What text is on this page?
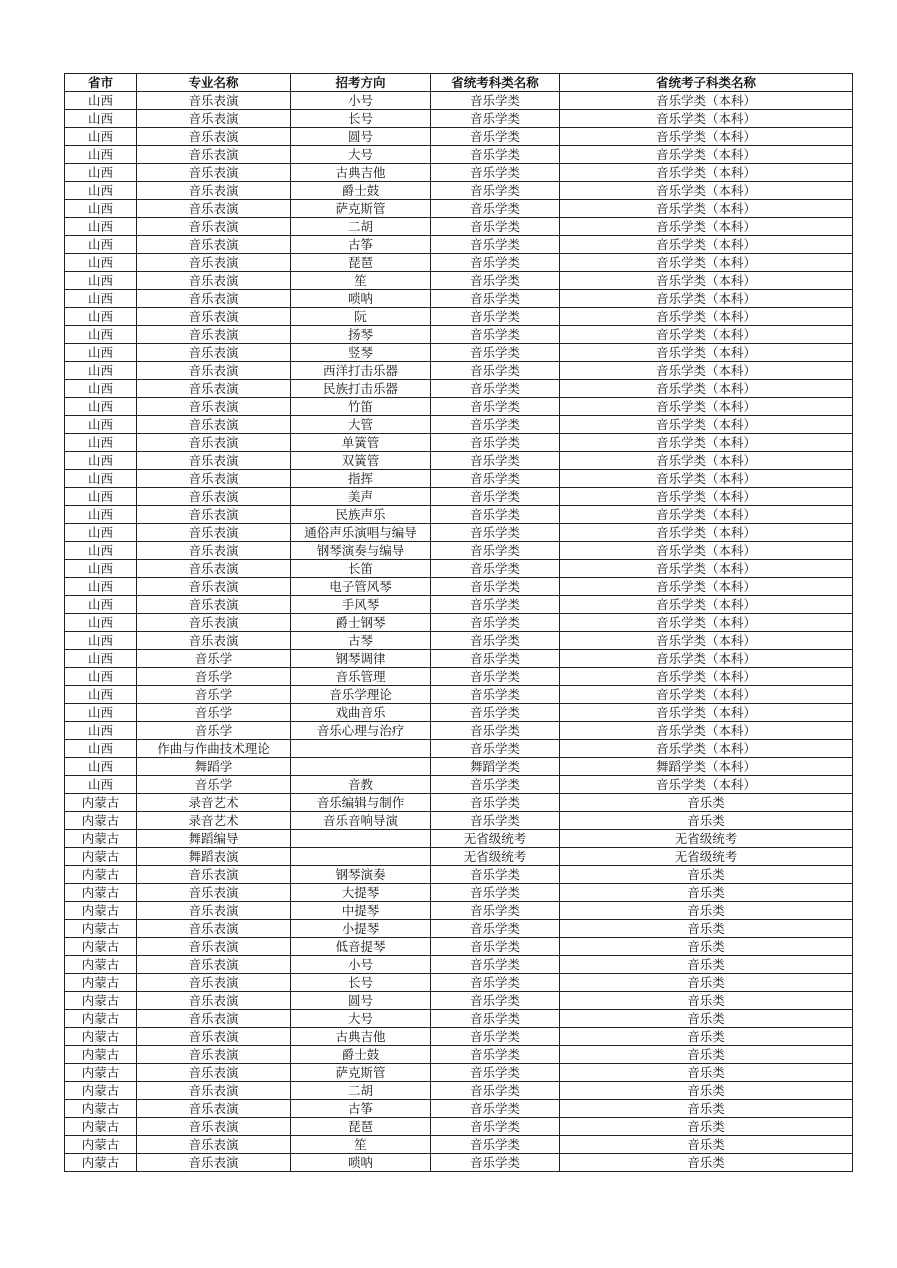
省市	专业名称	招考方向	省统考科类名称	省统考子科类名称
山西	音乐表演	小号	音乐学类	音乐学类（本科）
山西	音乐表演	长号	音乐学类	音乐学类（本科）
山西	音乐表演	圆号	音乐学类	音乐学类（本科）
山西	音乐表演	大号	音乐学类	音乐学类（本科）
山西	音乐表演	古典吉他	音乐学类	音乐学类（本科）
山西	音乐表演	爵士鼓	音乐学类	音乐学类（本科）
山西	音乐表演	萨克斯管	音乐学类	音乐学类（本科）
山西	音乐表演	二胡	音乐学类	音乐学类（本科）
山西	音乐表演	古筝	音乐学类	音乐学类（本科）
山西	音乐表演	琵琶	音乐学类	音乐学类（本科）
山西	音乐表演	笙	音乐学类	音乐学类（本科）
山西	音乐表演	唢呐	音乐学类	音乐学类（本科）
山西	音乐表演	阮	音乐学类	音乐学类（本科）
山西	音乐表演	扬琴	音乐学类	音乐学类（本科）
山西	音乐表演	竖琴	音乐学类	音乐学类（本科）
山西	音乐表演	西洋打击乐器	音乐学类	音乐学类（本科）
山西	音乐表演	民族打击乐器	音乐学类	音乐学类（本科）
山西	音乐表演	竹笛	音乐学类	音乐学类（本科）
山西	音乐表演	大管	音乐学类	音乐学类（本科）
山西	音乐表演	单簧管	音乐学类	音乐学类（本科）
山西	音乐表演	双簧管	音乐学类	音乐学类（本科）
山西	音乐表演	指挥	音乐学类	音乐学类（本科）
山西	音乐表演	美声	音乐学类	音乐学类（本科）
山西	音乐表演	民族声乐	音乐学类	音乐学类（本科）
山西	音乐表演	通俗声乐演唱与编导	音乐学类	音乐学类（本科）
山西	音乐表演	钢琴演奏与编导	音乐学类	音乐学类（本科）
山西	音乐表演	长笛	音乐学类	音乐学类（本科）
山西	音乐表演	电子管风琴	音乐学类	音乐学类（本科）
山西	音乐表演	手风琴	音乐学类	音乐学类（本科）
山西	音乐表演	爵士钢琴	音乐学类	音乐学类（本科）
山西	音乐表演	古琴	音乐学类	音乐学类（本科）
山西	音乐学	钢琴调律	音乐学类	音乐学类（本科）
山西	音乐学	音乐管理	音乐学类	音乐学类（本科）
山西	音乐学	音乐学理论	音乐学类	音乐学类（本科）
山西	音乐学	戏曲音乐	音乐学类	音乐学类（本科）
山西	音乐学	音乐心理与治疗	音乐学类	音乐学类（本科）
山西	作曲与作曲技术理论		音乐学类	音乐学类（本科）
山西	舞蹈学		舞蹈学类	舞蹈学类（本科）
山西	音乐学	音教	音乐学类	音乐学类（本科）
内蒙古	录音艺术	音乐编辑与制作	音乐学类	音乐类
内蒙古	录音艺术	音乐音响导演	音乐学类	音乐类
内蒙古	舞蹈编导		无省级统考	无省级统考
内蒙古	舞蹈表演		无省级统考	无省级统考
内蒙古	音乐表演	钢琴演奏	音乐学类	音乐类
内蒙古	音乐表演	大提琴	音乐学类	音乐类
内蒙古	音乐表演	中提琴	音乐学类	音乐类
内蒙古	音乐表演	小提琴	音乐学类	音乐类
内蒙古	音乐表演	低音提琴	音乐学类	音乐类
内蒙古	音乐表演	小号	音乐学类	音乐类
内蒙古	音乐表演	长号	音乐学类	音乐类
内蒙古	音乐表演	圆号	音乐学类	音乐类
内蒙古	音乐表演	大号	音乐学类	音乐类
内蒙古	音乐表演	古典吉他	音乐学类	音乐类
内蒙古	音乐表演	爵士鼓	音乐学类	音乐类
内蒙古	音乐表演	萨克斯管	音乐学类	音乐类
内蒙古	音乐表演	二胡	音乐学类	音乐类
内蒙古	音乐表演	古筝	音乐学类	音乐类
内蒙古	音乐表演	琵琶	音乐学类	音乐类
内蒙古	音乐表演	笙	音乐学类	音乐类
内蒙古	音乐表演	唢呐	音乐学类	音乐类
